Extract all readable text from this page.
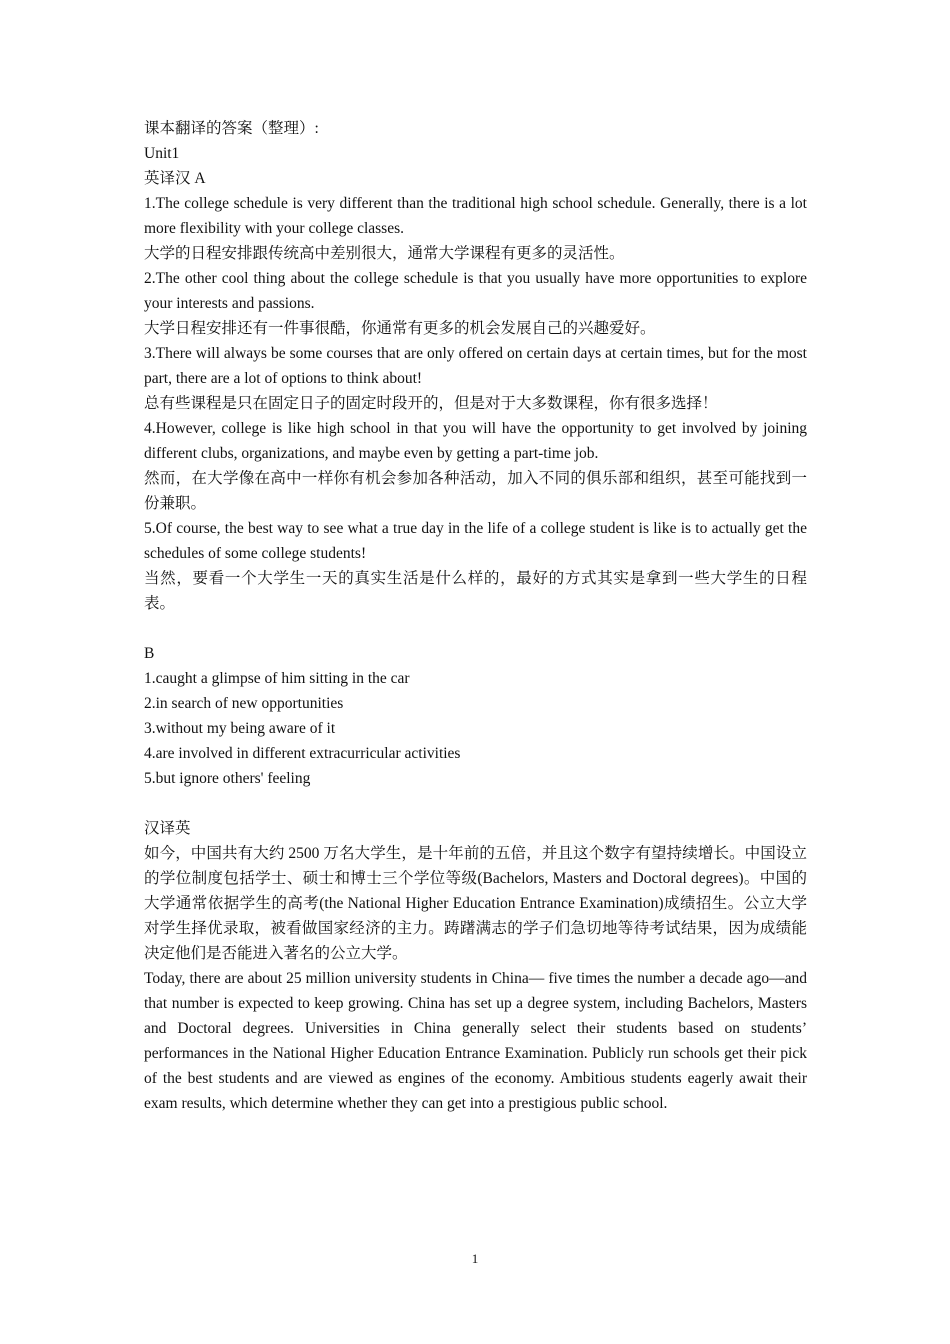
课本翻译的答案（整理）:

Unit1

英译汉 A

1.The college schedule is very different than the traditional high school schedule. Generally, there is a lot more flexibility with your college classes.

大学的日程安排跟传统高中差别很大，通常大学课程有更多的灵活性。

2.The other cool thing about the college schedule is that you usually have more opportunities to explore your interests and passions.

大学日程安排还有一件事很酷，你通常有更多的机会发展自己的兴趣爱好。

3.There will always be some courses that are only offered on certain days at certain times, but for the most part, there are a lot of options to think about!

总有些课程是只在固定日子的固定时段开的，但是对于大多数课程，你有很多选择！

4.However, college is like high school in that you will have the opportunity to get involved by joining different clubs, organizations, and maybe even by getting a part-time job.

然而，在大学像在高中一样你有机会参加各种活动，加入不同的俱乐部和组织，甚至可能找到一份兼职。

5.Of course, the best way to see what a true day in the life of a college student is like is to actually get the schedules of some college students!

当然，要看一个大学生一天的真实生活是什么样的，最好的方式其实是拿到一些大学生的日程表。

B

1.caught a glimpse of him sitting in the car

2.in search of new opportunities

3.without my being aware of it

4.are involved in different extracurricular activities

5.but ignore others' feeling

汉译英

如今，中国共有大约 2500 万名大学生，是十年前的五倍，并且这个数字有望持续增长。中国设立的学位制度包括学士、硕士和博士三个学位等级(Bachelors, Masters and Doctoral degrees)。中国的大学通常依据学生的高考(the National Higher Education Entrance Examination)成绩招生。公立大学对学生择优录取，被看做国家经济的主力。踌躇满志的学子们急切地等待考试结果，因为成绩能决定他们是否能进入著名的公立大学。

Today, there are about 25 million university students in China— five times the number a decade ago—and that number is expected to keep growing. China has set up a degree system, including Bachelors, Masters and Doctoral degrees. Universities in China generally select their students based on students’ performances in the National Higher Education Entrance Examination. Publicly run schools get their pick of the best students and are viewed as engines of the economy. Ambitious students eagerly await their exam results, which determine whether they can get into a prestigious public school.

1
